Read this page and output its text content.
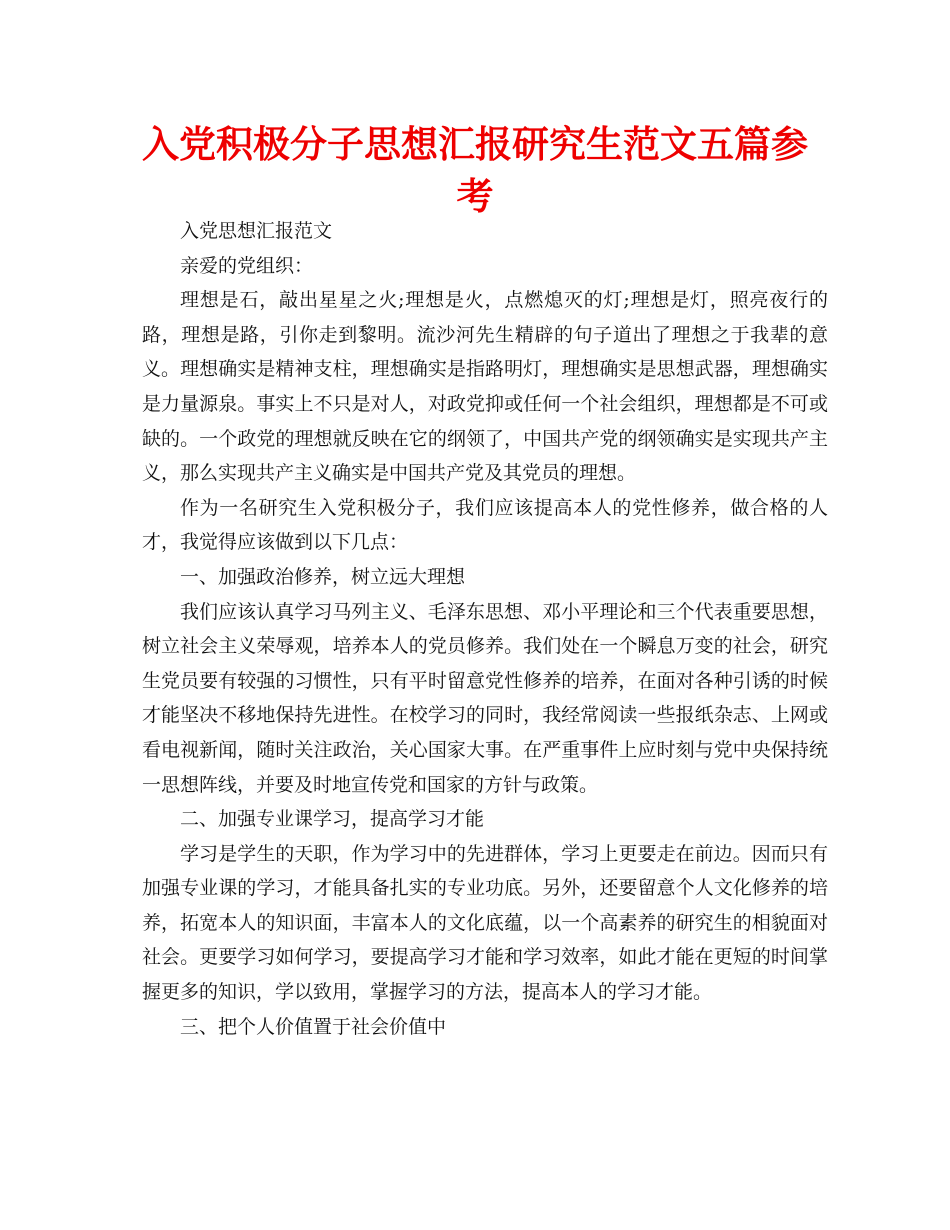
入党积极分子思想汇报研究生范文五篇参考

入党思想汇报范文

亲爱的党组织：

理想是石，敲出星星之火;理想是火，点燃熄灭的灯;理想是灯，照亮夜行的路，理想是路，引你走到黎明。流沙河先生精辟的句子道出了理想之于我辈的意义。理想确实是精神支柱，理想确实是指路明灯，理想确实是思想武器，理想确实是力量源泉。事实上不只是对人，对政党抑或任何一个社会组织，理想都是不可或缺的。一个政党的理想就反映在它的纲领了，中国共产党的纲领确实是实现共产主义，那么实现共产主义确实是中国共产党及其党员的理想。

作为一名研究生入党积极分子，我们应该提高本人的党性修养，做合格的人才，我觉得应该做到以下几点：

一、加强政治修养，树立远大理想

我们应该认真学习马列主义、毛泽东思想、邓小平理论和三个代表重要思想，树立社会主义荣辱观，培养本人的党员修养。我们处在一个瞬息万变的社会，研究生党员要有较强的习惯性，只有平时留意党性修养的培养，在面对各种引诱的时候才能坚决不移地保持先进性。在校学习的同时，我经常阅读一些报纸杂志、上网或看电视新闻，随时关注政治，关心国家大事。在严重事件上应时刻与党中央保持统一思想阵线，并要及时地宣传党和国家的方针与政策。

二、加强专业课学习，提高学习才能

学习是学生的天职，作为学习中的先进群体，学习上更要走在前边。因而只有加强专业课的学习，才能具备扎实的专业功底。另外，还要留意个人文化修养的培养，拓宽本人的知识面，丰富本人的文化底蕴，以一个高素养的研究生的相貌面对社会。更要学习如何学习，要提高学习才能和学习效率，如此才能在更短的时间掌握更多的知识，学以致用，掌握学习的方法，提高本人的学习才能。

三、把个人价值置于社会价值中
